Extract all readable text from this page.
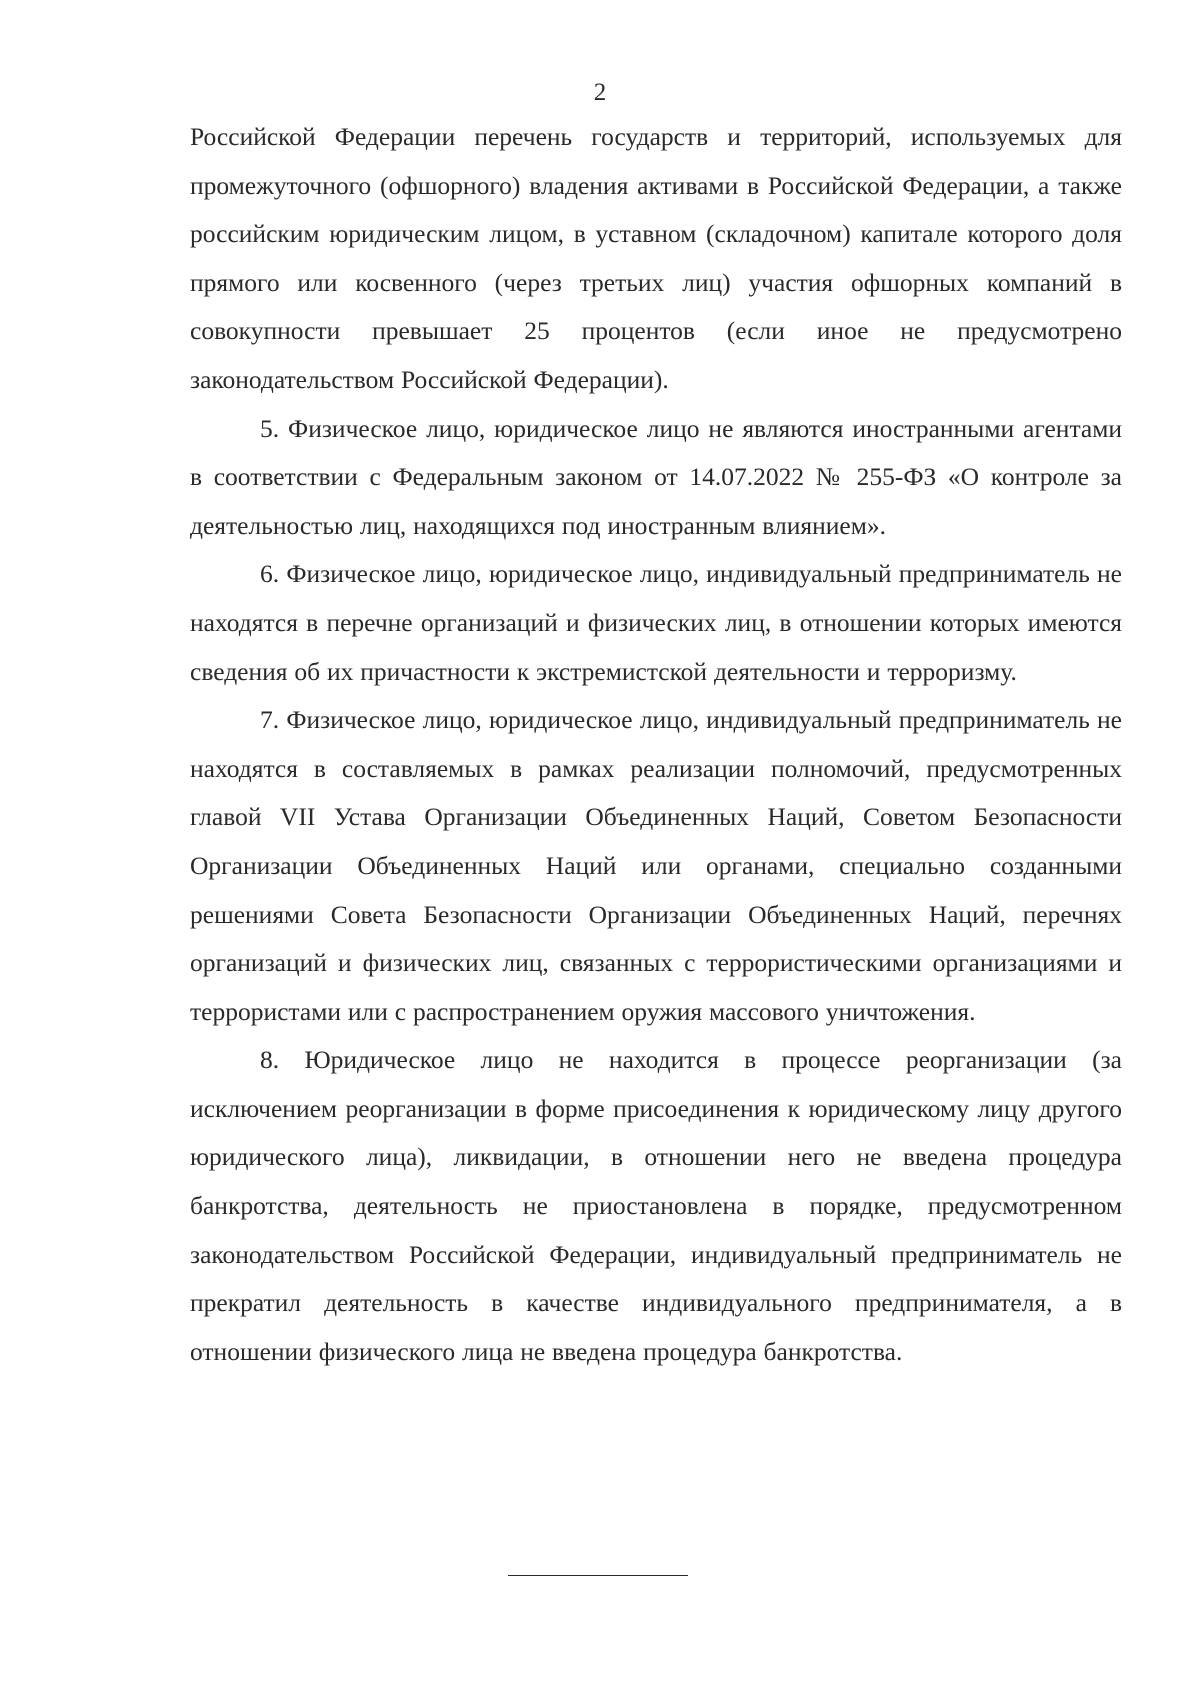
2

Российской Федерации перечень государств и территорий, используемых для промежуточного (офшорного) владения активами в Российской Федерации, а также российским юридическим лицом, в уставном (складочном) капитале которого доля прямого или косвенного (через третьих лиц) участия офшорных компаний в совокупности превышает 25 процентов (если иное не предусмотрено законодательством Российской Федерации).

5. Физическое лицо, юридическое лицо не являются иностранными агентами в соответствии с Федеральным законом от 14.07.2022 № 255-ФЗ «О контроле за деятельностью лиц, находящихся под иностранным влиянием».

6. Физическое лицо, юридическое лицо, индивидуальный предприниматель не находятся в перечне организаций и физических лиц, в отношении которых имеются сведения об их причастности к экстремистской деятельности и терроризму.

7. Физическое лицо, юридическое лицо, индивидуальный предприниматель не находятся в составляемых в рамках реализации полномочий, предусмотренных главой VII Устава Организации Объединенных Наций, Советом Безопасности Организации Объединенных Наций или органами, специально созданными решениями Совета Безопасности Организации Объединенных Наций, перечнях организаций и физических лиц, связанных с террористическими организациями и террористами или с распространением оружия массового уничтожения.

8. Юридическое лицо не находится в процессе реорганизации (за исключением реорганизации в форме присоединения к юридическому лицу другого юридического лица), ликвидации, в отношении него не введена процедура банкротства, деятельность не приостановлена в порядке, предусмотренном законодательством Российской Федерации, индивидуальный предприниматель не прекратил деятельность в качестве индивидуального предпринимателя, а в отношении физического лица не введена процедура банкротства.
